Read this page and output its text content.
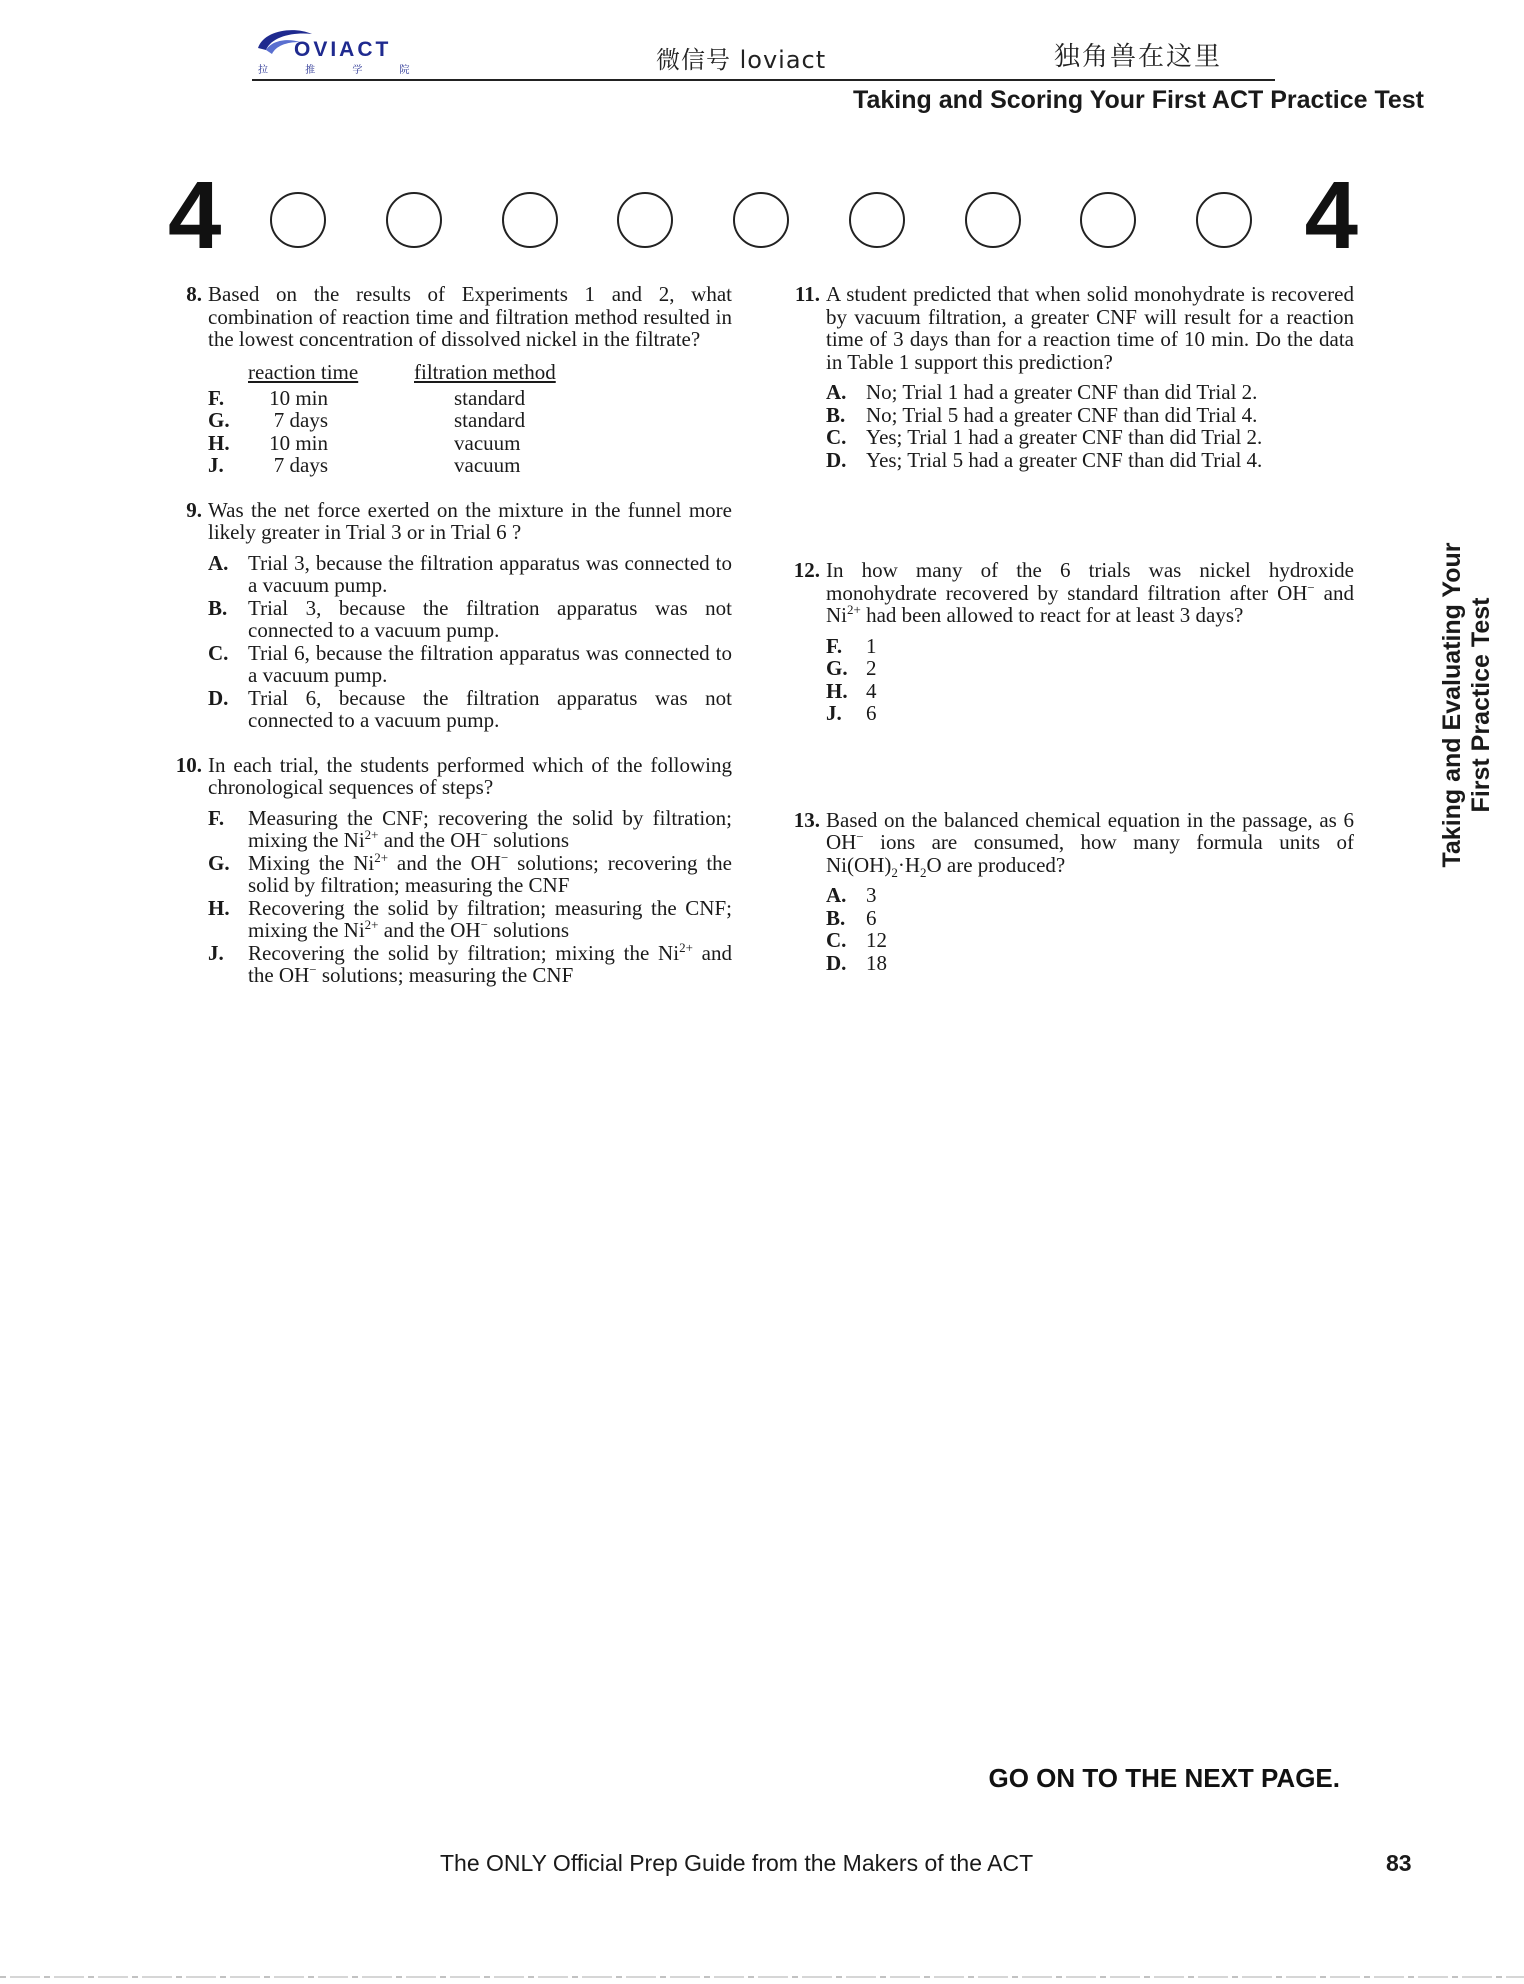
OVIACT
拉 推 学 院	微信号 loviact	独角兽在这里
Taking and Scoring Your First ACT Practice Test
4	4
8. Based on the results of Experiments 1 and 2, what combination of reaction time and filtration method resulted in the lowest concentration of dissolved nickel in the filtrate?
reaction time	filtration method
F.	10 min	standard
G.	7 days	standard
H.	10 min	vacuum
J.	7 days	vacuum
9. Was the net force exerted on the mixture in the funnel more likely greater in Trial 3 or in Trial 6 ?
A. Trial 3, because the filtration apparatus was connected to a vacuum pump.
B. Trial 3, because the filtration apparatus was not connected to a vacuum pump.
C. Trial 6, because the filtration apparatus was connected to a vacuum pump.
D. Trial 6, because the filtration apparatus was not connected to a vacuum pump.
10. In each trial, the students performed which of the following chronological sequences of steps?
F. Measuring the CNF; recovering the solid by filtration; mixing the $Ni^{2+}$ and the OH− solutions
G. Mixing the $Ni^{2+}$ and the OH− solutions; recovering the solid by filtration; measuring the CNF
H. Recovering the solid by filtration; measuring the CNF; mixing the $Ni^{2+}$ and the OH− solutions
J. Recovering the solid by filtration; mixing the $Ni^{2+}$ and the OH− solutions; measuring the CNF
11. A student predicted that when solid monohydrate is recovered by vacuum filtration, a greater CNF will result for a reaction time of 3 days than for a reaction time of 10 min. Do the data in Table 1 support this prediction?
A. No; Trial 1 had a greater CNF than did Trial 2.
B. No; Trial 5 had a greater CNF than did Trial 4.
C. Yes; Trial 1 had a greater CNF than did Trial 2.
D. Yes; Trial 5 had a greater CNF than did Trial 4.
12. In how many of the 6 trials was nickel hydroxide monohydrate recovered by standard filtration after OH− and $Ni^{2+}$ had been allowed to react for at least 3 days?
F. 1
G. 2
H. 4
J. 6
13. Based on the balanced chemical equation in the passage, as 6 OH− ions are consumed, how many formula units of $Ni(OH)_2\cdot H_2O$ are produced?
A. 3
B. 6
C. 12
D. 18
Taking and Evaluating Your First Practice Test
GO ON TO THE NEXT PAGE.
The ONLY Official Prep Guide from the Makers of the ACT	83
